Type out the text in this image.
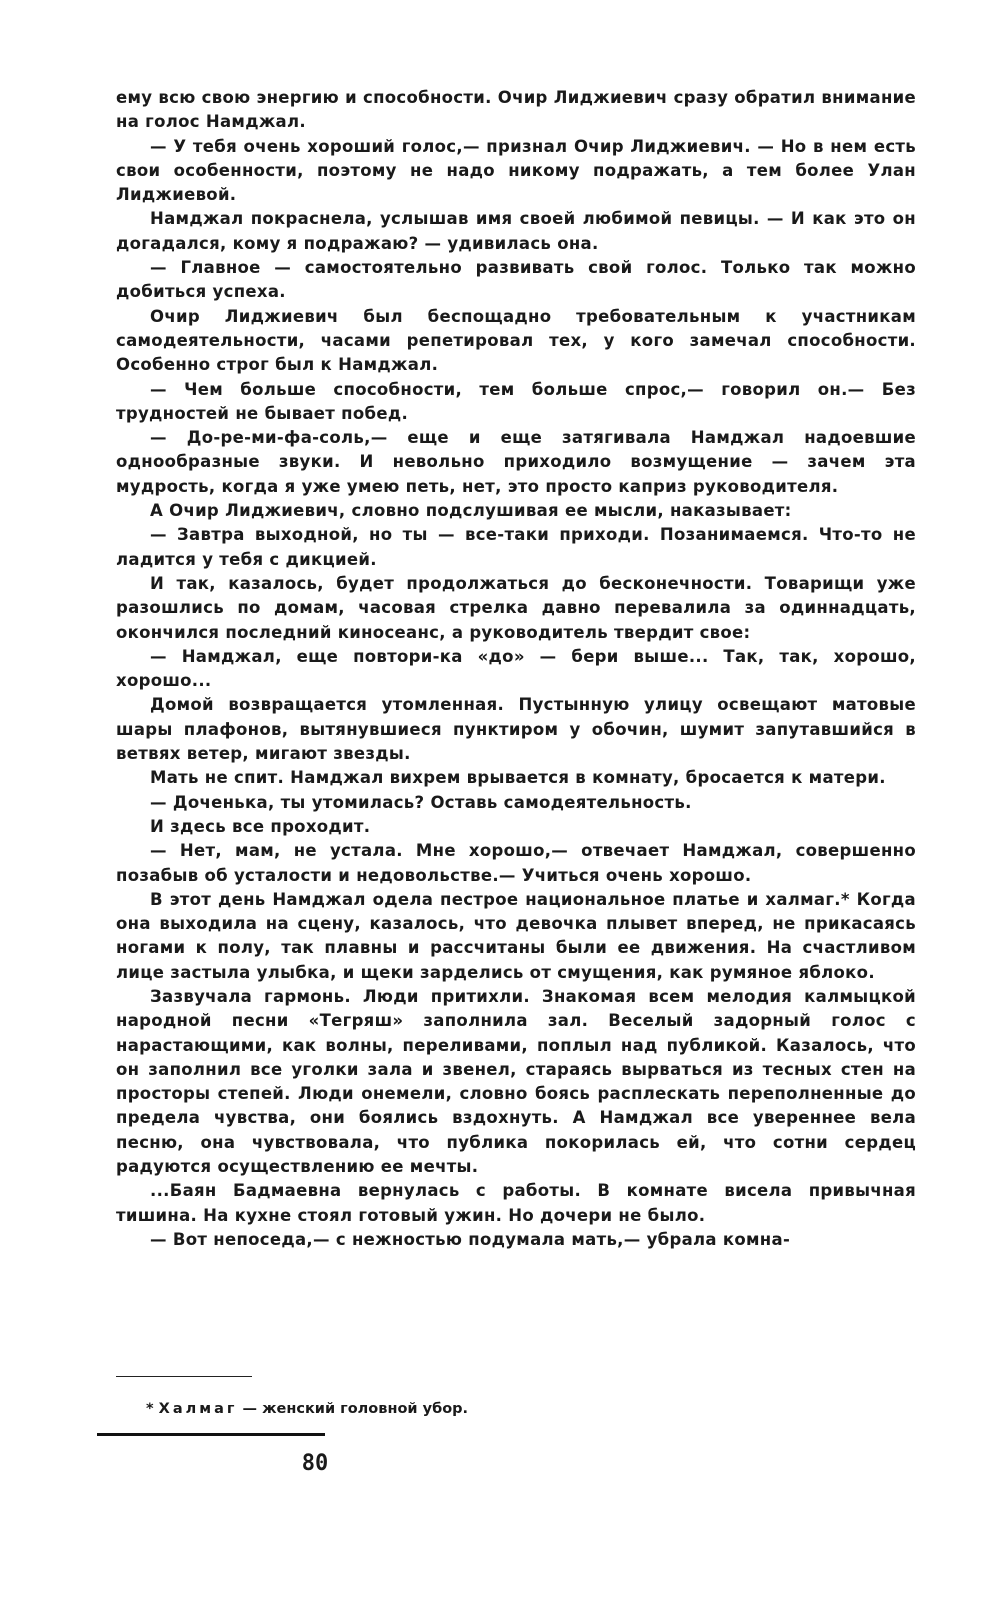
ему всю свою энергию и способности. Очир Лиджиевич сразу обратил внимание на голос Намджал.

— У тебя очень хороший голос,— признал Очир Лиджиевич. — Но в нем есть свои особенности, поэтому не надо никому подражать, а тем более Улан Лиджиевой.

Намджал покраснела, услышав имя своей любимой певицы. — И как это он догадался, кому я подражаю? — удивилась она.

— Главное — самостоятельно развивать свой голос. Только так можно добиться успеха.

Очир Лиджиевич был беспощадно требовательным к участникам самодеятельности, часами репетировал тех, у кого замечал способности. Особенно строг был к Намджал.

— Чем больше способности, тем больше спрос,— говорил он.— Без трудностей не бывает побед.

— До-ре-ми-фа-соль,— еще и еще затягивала Намджал надоевшие однообразные звуки. И невольно приходило возмущение — зачем эта мудрость, когда я уже умею петь, нет, это просто каприз руководителя.

А Очир Лиджиевич, словно подслушивая ее мысли, наказывает:

— Завтра выходной, но ты — все-таки приходи. Позанимаемся. Что-то не ладится у тебя с дикцией.

И так, казалось, будет продолжаться до бесконечности. Товарищи уже разошлись по домам, часовая стрелка давно перевалила за одиннадцать, окончился последний киносеанс, а руководитель твердит свое:

— Намджал, еще повтори-ка «до» — бери выше... Так, так, хорошо, хорошо...

Домой возвращается утомленная. Пустынную улицу освещают матовые шары плафонов, вытянувшиеся пунктиром у обочин, шумит запутавшийся в ветвях ветер, мигают звезды.

Мать не спит. Намджал вихрем врывается в комнату, бросается к матери.

— Доченька, ты утомилась? Оставь самодеятельность.

И здесь все проходит.

— Нет, мам, не устала. Мне хорошо,— отвечает Намджал, совершенно позабыв об усталости и недовольстве.— Учиться очень хорошо.

В этот день Намджал одела пестрое национальное платье и халмаг.* Когда она выходила на сцену, казалось, что девочка плывет вперед, не прикасаясь ногами к полу, так плавны и рассчитаны были ее движения. На счастливом лице застыла улыбка, и щеки зарделись от смущения, как румяное яблоко.

Зазвучала гармонь. Люди притихли. Знакомая всем мелодия калмыцкой народной песни «Тегряш» заполнила зал. Веселый задорный голос с нарастающими, как волны, переливами, поплыл над публикой. Казалось, что он заполнил все уголки зала и звенел, стараясь вырваться из тесных стен на просторы степей. Люди онемели, словно боясь расплескать переполненные до предела чувства, они боялись вздохнуть. А Намджал все увереннее вела песню, она чувствовала, что публика покорилась ей, что сотни сердец радуются осуществлению ее мечты.

...Баян Бадмаевна вернулась с работы. В комнате висела привычная тишина. На кухне стоял готовый ужин. Но дочери не было.

— Вот непоседа,— с нежностью подумала мать,— убрала комна-

* Халмаг — женский головной убор.
80
